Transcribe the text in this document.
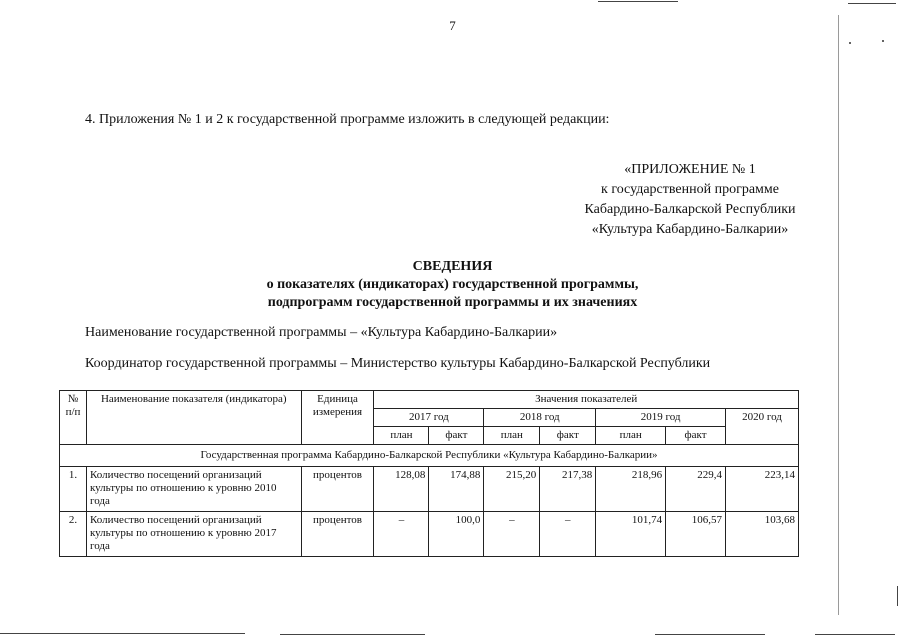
7
4. Приложения № 1 и 2 к государственной программе изложить в следующей редакции:
«ПРИЛОЖЕНИЕ № 1
к государственной программе
Кабардино-Балкарской Республики
«Культура Кабардино-Балкарии»
СВЕДЕНИЯ
о показателях (индикаторах) государственной программы,
подпрограмм государственной программы и их значениях
Наименование государственной программы – «Культура Кабардино-Балкарии»
Координатор государственной программы – Министерство культуры Кабардино-Балкарской Республики
№ п/п	Наименование показателя (индикатора)	Единица измерения	Значения показателей						
			2017 год		2018 год		2019 год		2020 год
			план	факт	план	факт	план	факт	
Государственная программа Кабардино-Балкарской Республики «Культура Кабардино-Балкарии»									
1.	Количество посещений организаций культуры по отношению к уровню 2010 года	процентов	128,08	174,88	215,20	217,38	218,96	229,4	223,14
2.	Количество посещений организаций культуры по отношению к уровню 2017 года	процентов	–	100,0	–	–	101,74	106,57	103,68
